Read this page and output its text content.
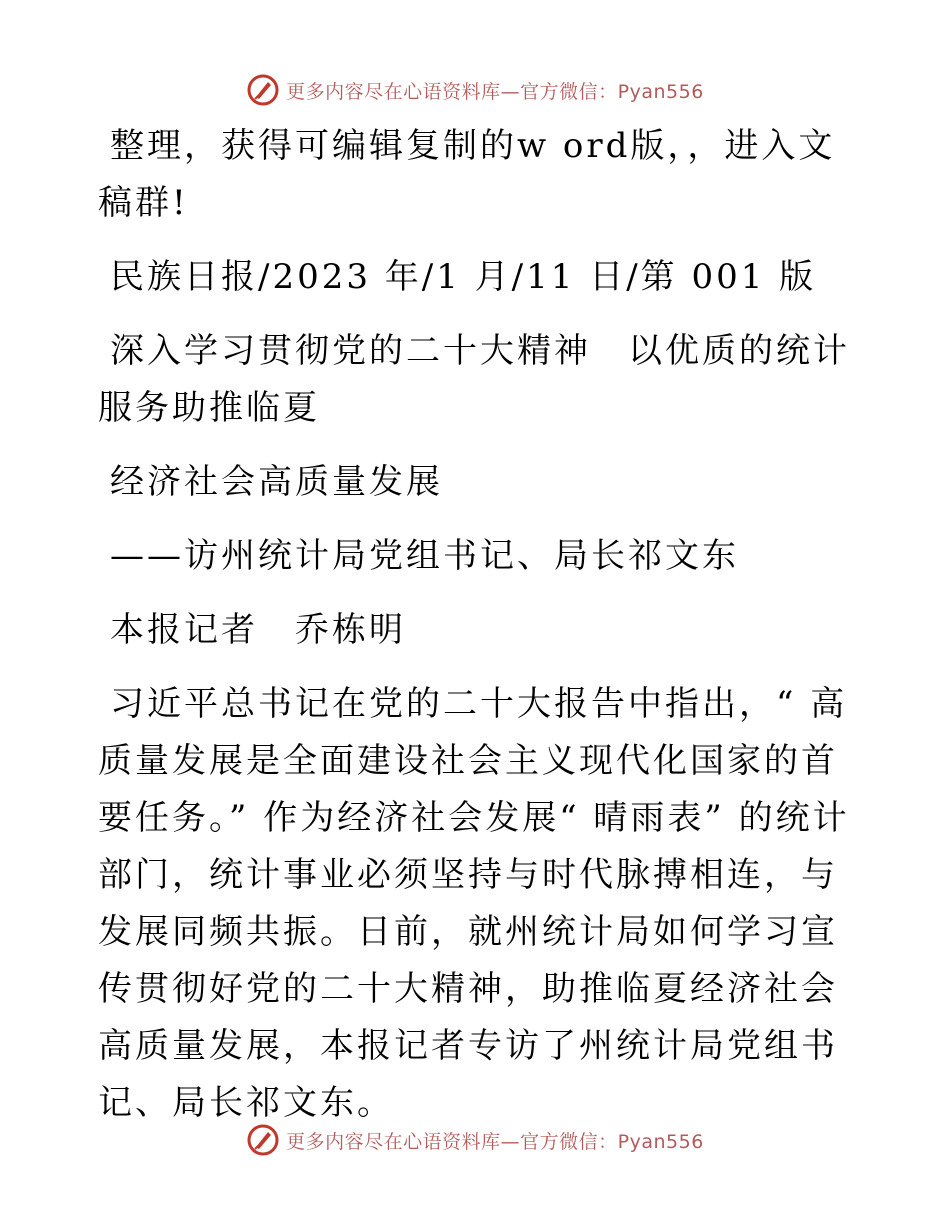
更多内容尽在心语资料库—官方微信：Pyan556

整理，获得可编辑复制的w ord版，，进入文稿群!

民族日报/2023 年/1 月/11 日/第 001 版

深入学习贯彻党的二十大精神　以优质的统计服务助推临夏

经济社会高质量发展

——访州统计局党组书记、局长祁文东

本报记者　乔栋明

习近平总书记在党的二十大报告中指出，“ 高质量发展是全面建设社会主义现代化国家的首要任务。” 作为经济社会发展“ 晴雨表” 的统计部门，统计事业必须坚持与时代脉搏相连，与发展同频共振。日前，就州统计局如何学习宣传贯彻好党的二十大精神，助推临夏经济社会高质量发展，本报记者专访了州统计局党组书记、局长祁文东。

更多内容尽在心语资料库—官方微信：Pyan556
